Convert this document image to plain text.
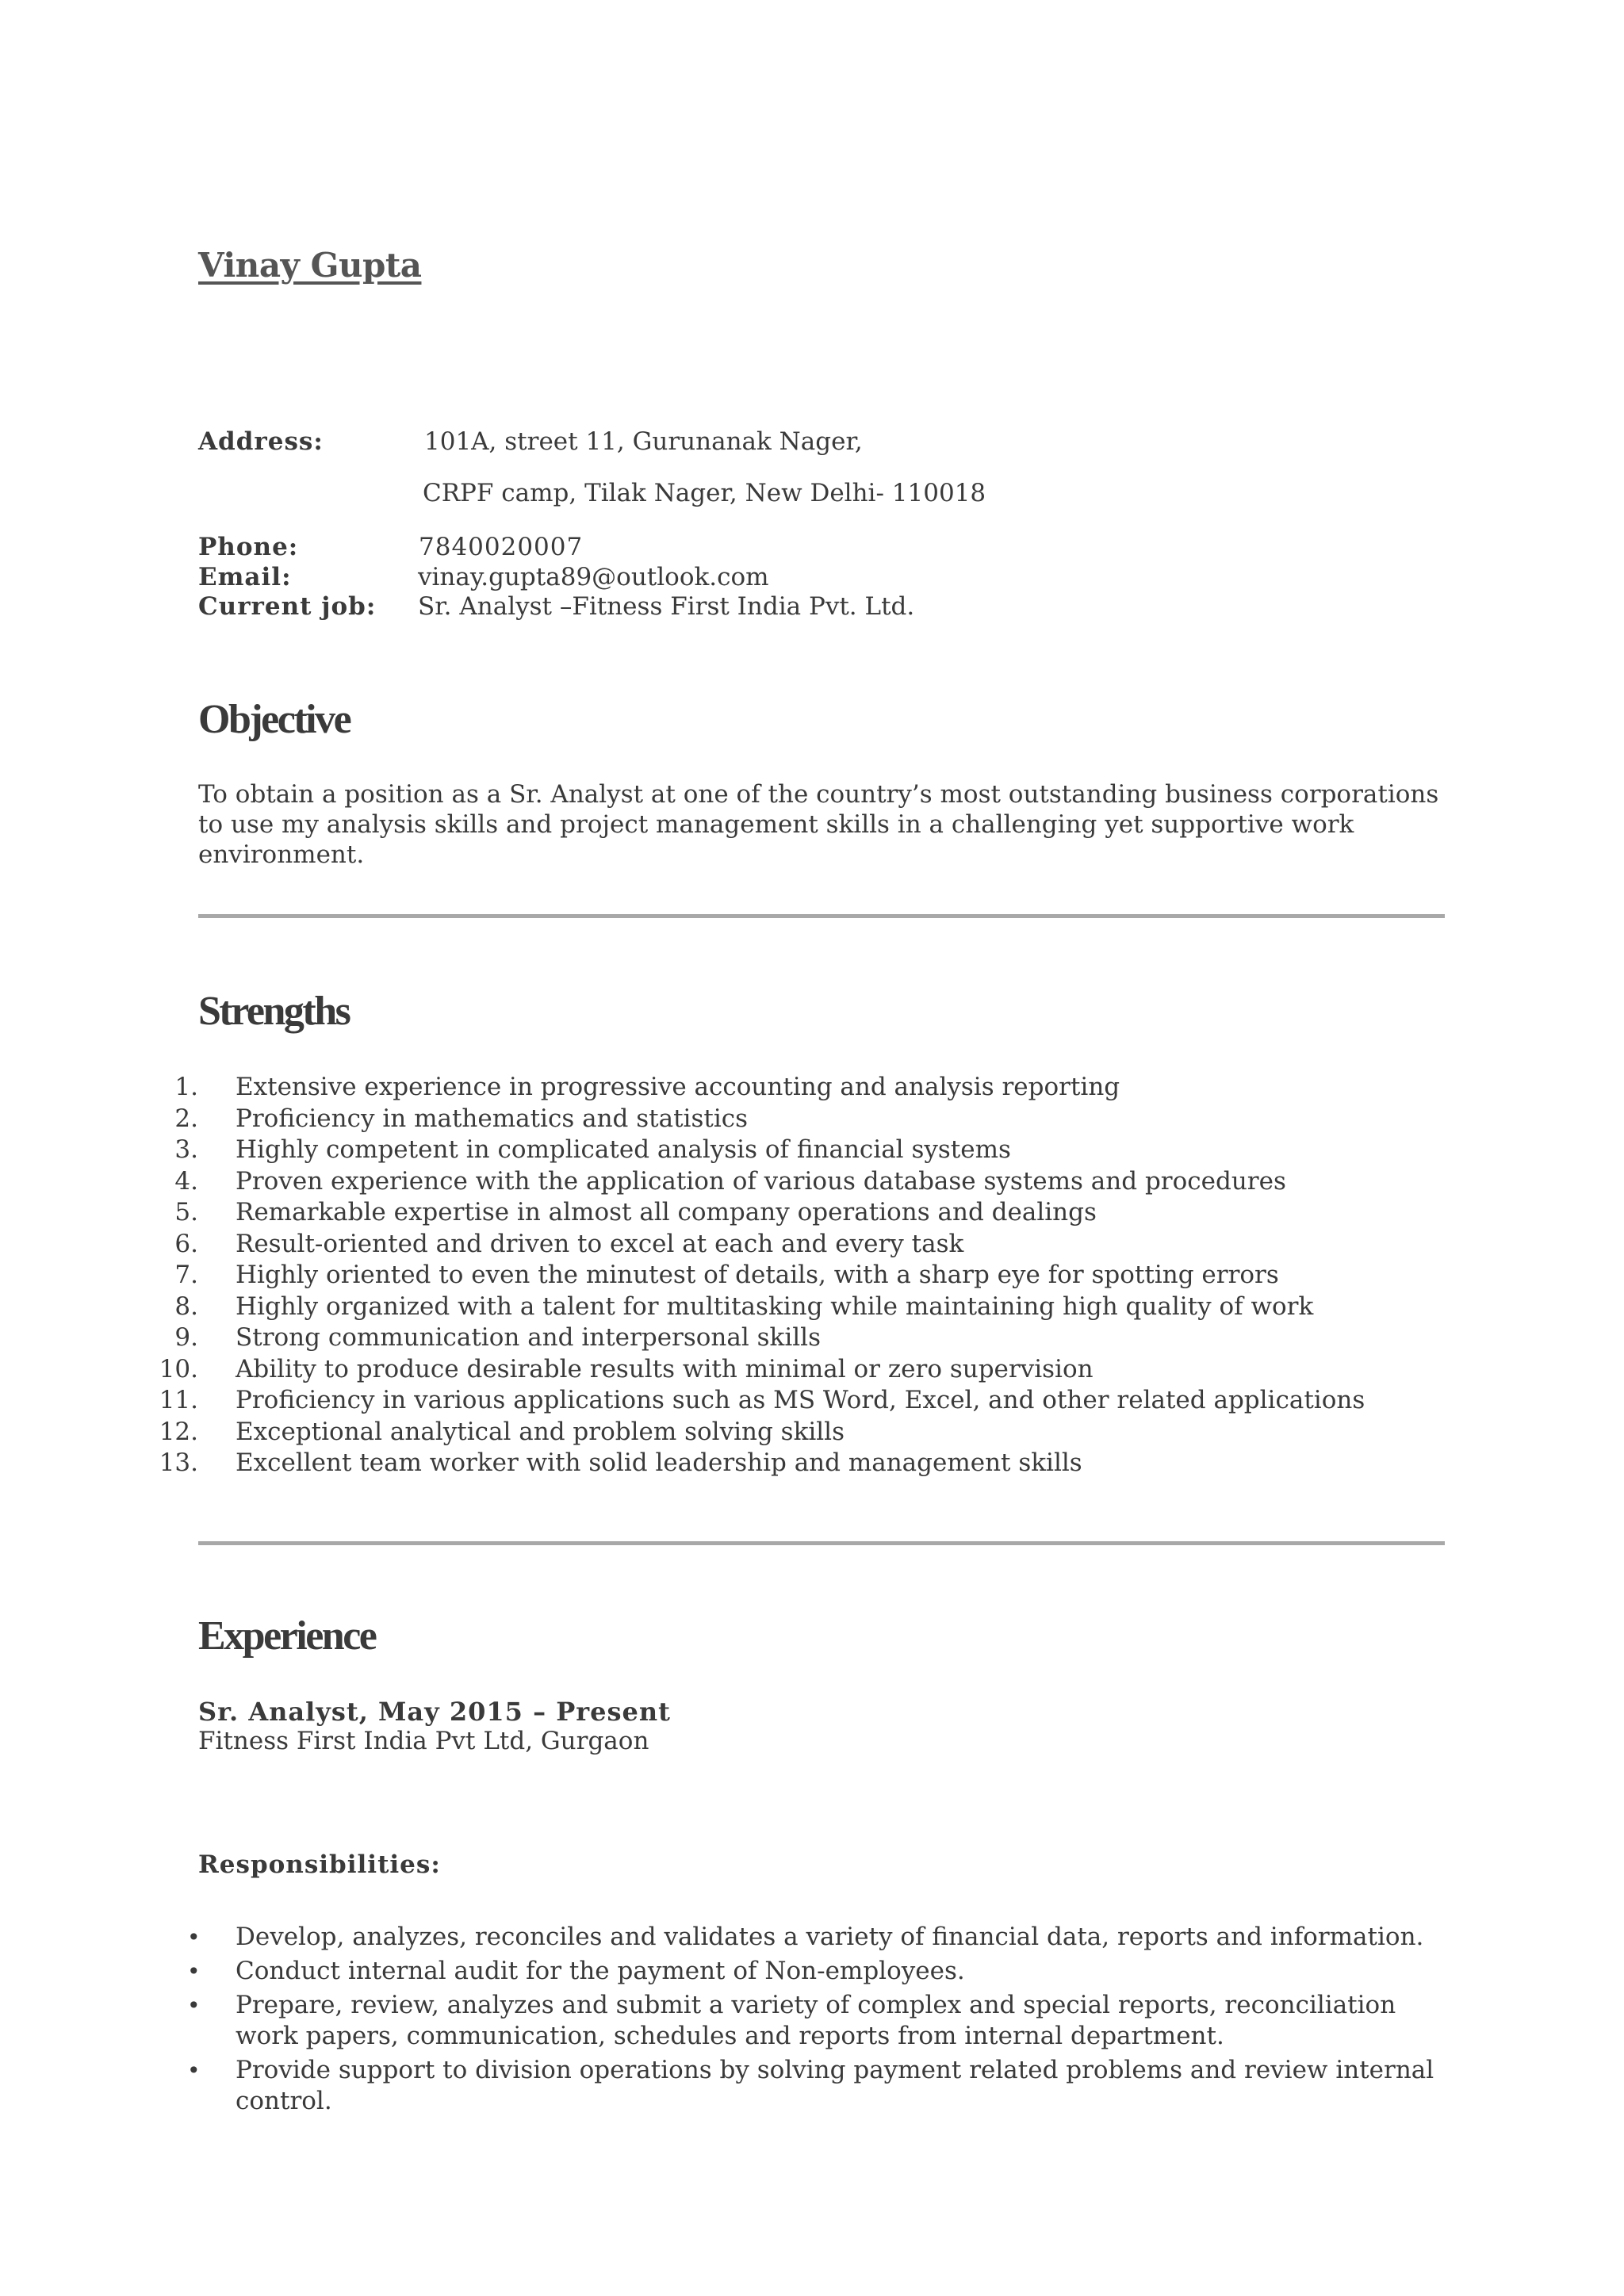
Vinay Gupta
Address:	101A, street 11, Gurunanak Nager,
CRPF camp, Tilak Nager, New Delhi- 110018
Phone:	7840020007
Email:	vinay.gupta89@outlook.com
Current job: Sr. Analyst –Fitness First India Pvt. Ltd.
Objective
To obtain a position as a Sr. Analyst at one of the country’s most outstanding business corporations to use my analysis skills and project management skills in a challenging yet supportive work environment.
Strengths
1. Extensive experience in progressive accounting and analysis reporting
2. Proficiency in mathematics and statistics
3. Highly competent in complicated analysis of financial systems
4. Proven experience with the application of various database systems and procedures
5. Remarkable expertise in almost all company operations and dealings
6. Result-oriented and driven to excel at each and every task
7. Highly oriented to even the minutest of details, with a sharp eye for spotting errors
8. Highly organized with a talent for multitasking while maintaining high quality of work
9. Strong communication and interpersonal skills
10. Ability to produce desirable results with minimal or zero supervision
11. Proficiency in various applications such as MS Word, Excel, and other related applications
12. Exceptional analytical and problem solving skills
13. Excellent team worker with solid leadership and management skills
Experience
Sr. Analyst, May 2015 – Present
Fitness First India Pvt Ltd, Gurgaon
Responsibilities:
• Develop, analyzes, reconciles and validates a variety of financial data, reports and information.
• Conduct internal audit for the payment of Non-employees.
• Prepare, review, analyzes and submit a variety of complex and special reports, reconciliation work papers, communication, schedules and reports from internal department.
• Provide support to division operations by solving payment related problems and review internal control.
